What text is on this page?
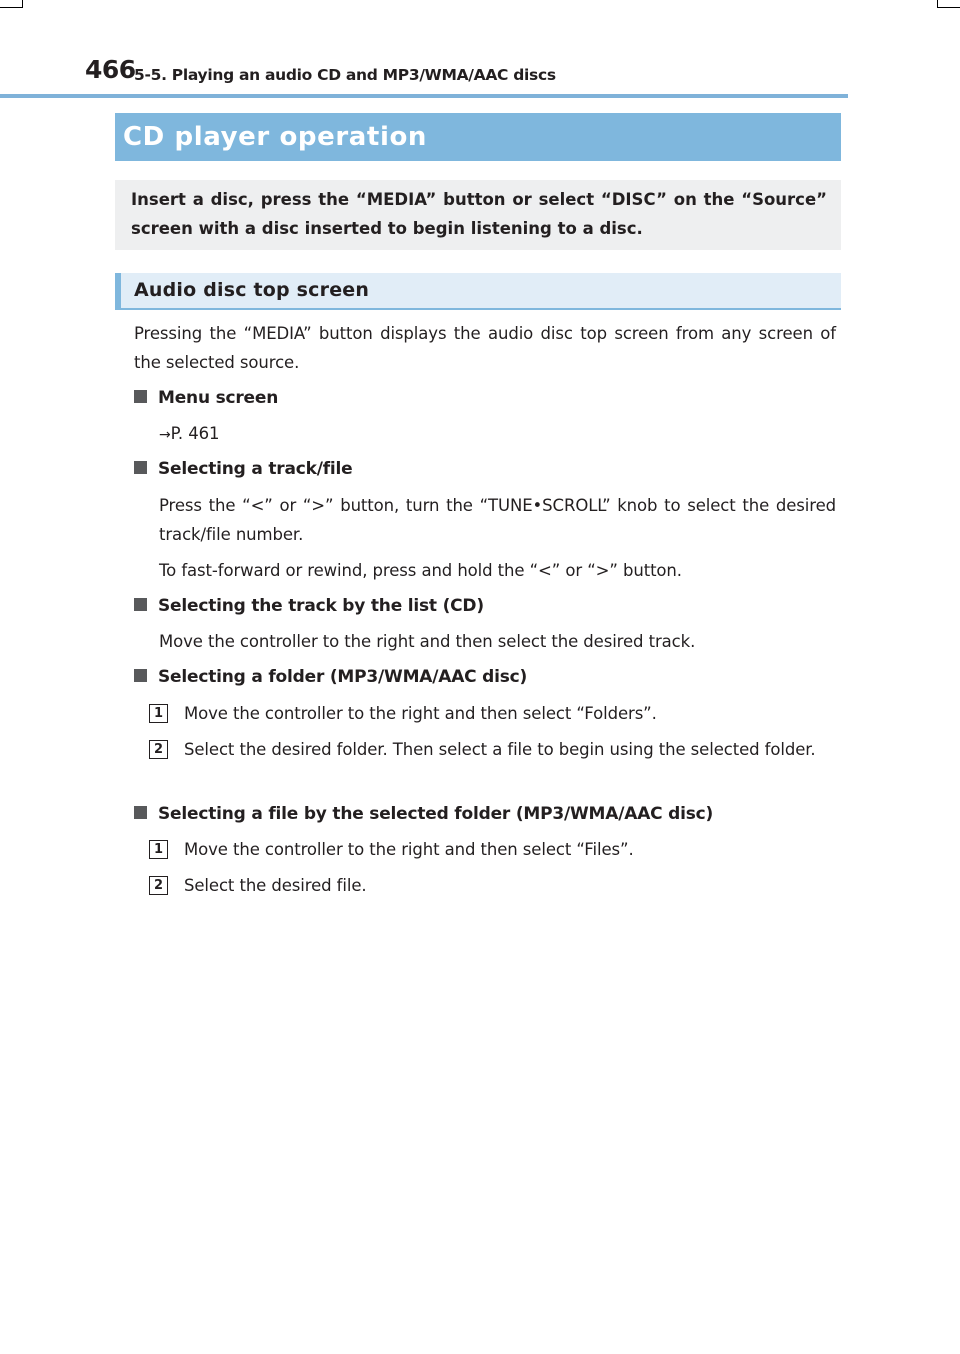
466
5-5. Playing an audio CD and MP3/WMA/AAC discs
CD player operation
Insert a disc, press the “MEDIA” button or select “DISC” on the “Source” screen with a disc inserted to begin listening to a disc.
Audio disc top screen
Pressing the “MEDIA” button displays the audio disc top screen from any screen of the selected source.
Menu screen
→P. 461
Selecting a track/file
Press the “<” or “>” button, turn the “TUNE•SCROLL” knob to select the desired track/file number.
To fast-forward or rewind, press and hold the “<” or “>” button.
Selecting the track by the list (CD)
Move the controller to the right and then select the desired track.
Selecting a folder (MP3/WMA/AAC disc)
1	Move the controller to the right and then select “Folders”.
2	Select the desired folder. Then select a file to begin using the selected folder.
Selecting a file by the selected folder (MP3/WMA/AAC disc)
1	Move the controller to the right and then select “Files”.
2	Select the desired file.
